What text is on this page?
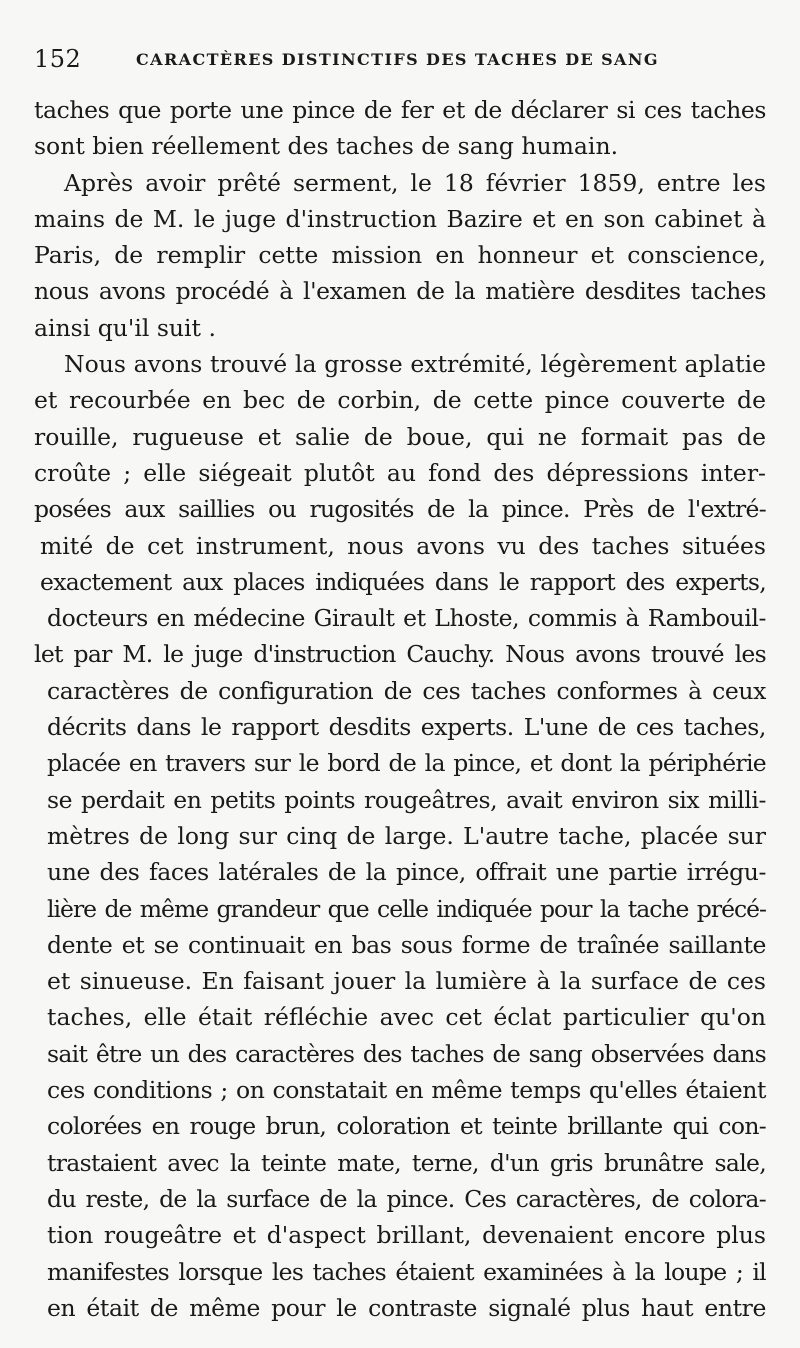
152	CARACTÈRES DISTINCTIFS DES TACHES DE SANG
taches que porte une pince de fer et de déclarer si ces taches
sont bien réellement des taches de sang humain.
Après avoir prêté serment, le 18 février 1859, entre les
mains de M. le juge d'instruction Bazire et en son cabinet à
Paris, de remplir cette mission en honneur et conscience,
nous avons procédé à l'examen de la matière desdites taches
ainsi qu'il suit .
Nous avons trouvé la grosse extrémité, légèrement aplatie
et recourbée en bec de corbin, de cette pince couverte de
rouille, rugueuse et salie de boue, qui ne formait pas de
croûte ; elle siégeait plutôt au fond des dépressions inter-
posées aux saillies ou rugosités de la pince. Près de l'extré-
mité de cet instrument, nous avons vu des taches situées
exactement aux places indiquées dans le rapport des experts,
docteurs en médecine Girault et Lhoste, commis à Rambouil-
let par M. le juge d'instruction Cauchy. Nous avons trouvé les
caractères de configuration de ces taches conformes à ceux
décrits dans le rapport desdits experts. L'une de ces taches,
placée en travers sur le bord de la pince, et dont la périphérie
se perdait en petits points rougeâtres, avait environ six milli-
mètres de long sur cinq de large. L'autre tache, placée sur
une des faces latérales de la pince, offrait une partie irrégu-
lière de même grandeur que celle indiquée pour la tache précé-
dente et se continuait en bas sous forme de traînée saillante
et sinueuse. En faisant jouer la lumière à la surface de ces
taches, elle était réfléchie avec cet éclat particulier qu'on
sait être un des caractères des taches de sang observées dans
ces conditions ; on constatait en même temps qu'elles étaient
colorées en rouge brun, coloration et teinte brillante qui con-
trastaient avec la teinte mate, terne, d'un gris brunâtre sale,
du reste, de la surface de la pince. Ces caractères, de colora-
tion rougeâtre et d'aspect brillant, devenaient encore plus
manifestes lorsque les taches étaient examinées à la loupe ; il
en était de même pour le contraste signalé plus haut entre
